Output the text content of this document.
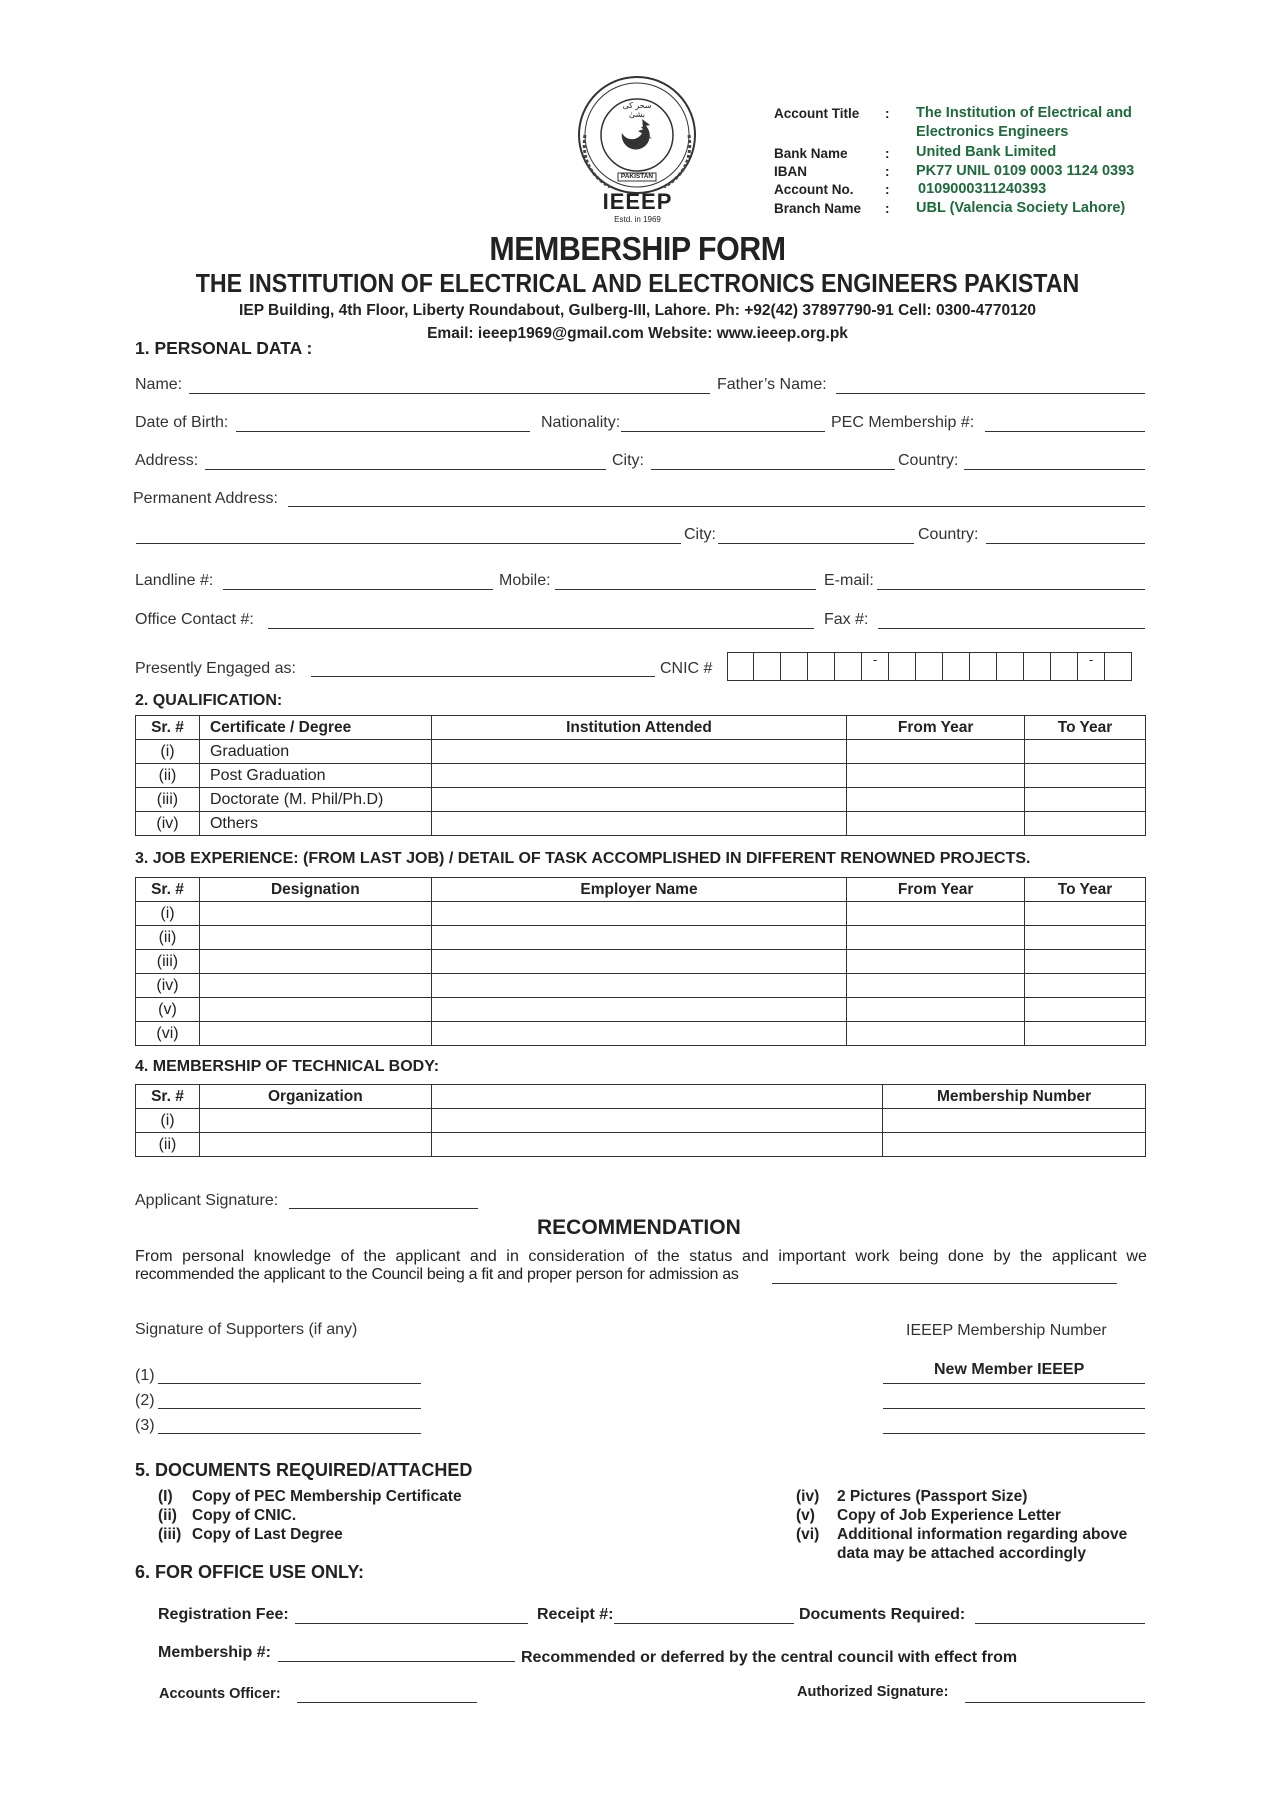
PAKISTAN
سحر کی بشیٰ
IEEEP
Estd. in 1969
Account Title : The Institution of Electrical and
Electronics Engineers
Bank Name	: United Bank Limited
IBAN	: PK77 UNIL 0109 0003 1124 0393
Account No. : 0109000311240393
Branch Name : UBL (Valencia Society Lahore)
MEMBERSHIP FORM
THE INSTITUTION OF ELECTRICAL AND ELECTRONICS ENGINEERS PAKISTAN
IEP Building, 4th Floor, Liberty Roundabout, Gulberg-III, Lahore. Ph: +92(42) 37897790-91 Cell: 0300-4770120
Email: ieeep1969@gmail.com Website: www.ieeep.org.pk
1. PERSONAL DATA :
Name:	Father’s Name:
Date of Birth:	Nationality:	PEC Membership #:
Address:	City:	Country:
Permanent Address:
City:	Country:
Landline #:	Mobile:	E-mail:
Office Contact #:	Fax #:
Presently Engaged as:	CNIC #
-	-
2. QUALIFICATION:
Sr. #	Certificate / Degree	Institution Attended	From Year	To Year
(i)	Graduation			
(ii)	Post Graduation			
(iii)	Doctorate (M. Phil/Ph.D)			
(iv)	Others			
3. JOB EXPERIENCE: (FROM LAST JOB) / DETAIL OF TASK ACCOMPLISHED IN DIFFERENT RENOWNED PROJECTS.
Sr. #	Designation	Employer Name	From Year	To Year
(i)				
(ii)				
(iii)				
(iv)				
(v)				
(vi)				
4. MEMBERSHIP OF TECHNICAL BODY:
Sr. #	Organization		Membership Number
(i)			
(ii)			
Applicant Signature:
RECOMMENDATION
From personal knowledge of the applicant and in consideration of the status and important work being done by the applicant we
recommended the applicant to the Council being a fit and proper person for admission as
Signature of Supporters (if any)	IEEEP Membership Number
(1)
(2)
(3)
New Member IEEEP
5. DOCUMENTS REQUIRED/ATTACHED
(I) Copy of PEC Membership Certificate
(ii) Copy of CNIC.
(iii) Copy of Last Degree
(iv) 2 Pictures (Passport Size)
(v) Copy of Job Experience Letter
(vi) Additional information regarding above
data may be attached accordingly
6. FOR OFFICE USE ONLY:
Registration Fee:	Receipt #:	Documents Required:
Membership #:	Recommended or deferred by the central council with effect from
Accounts Officer:	Authorized Signature:
